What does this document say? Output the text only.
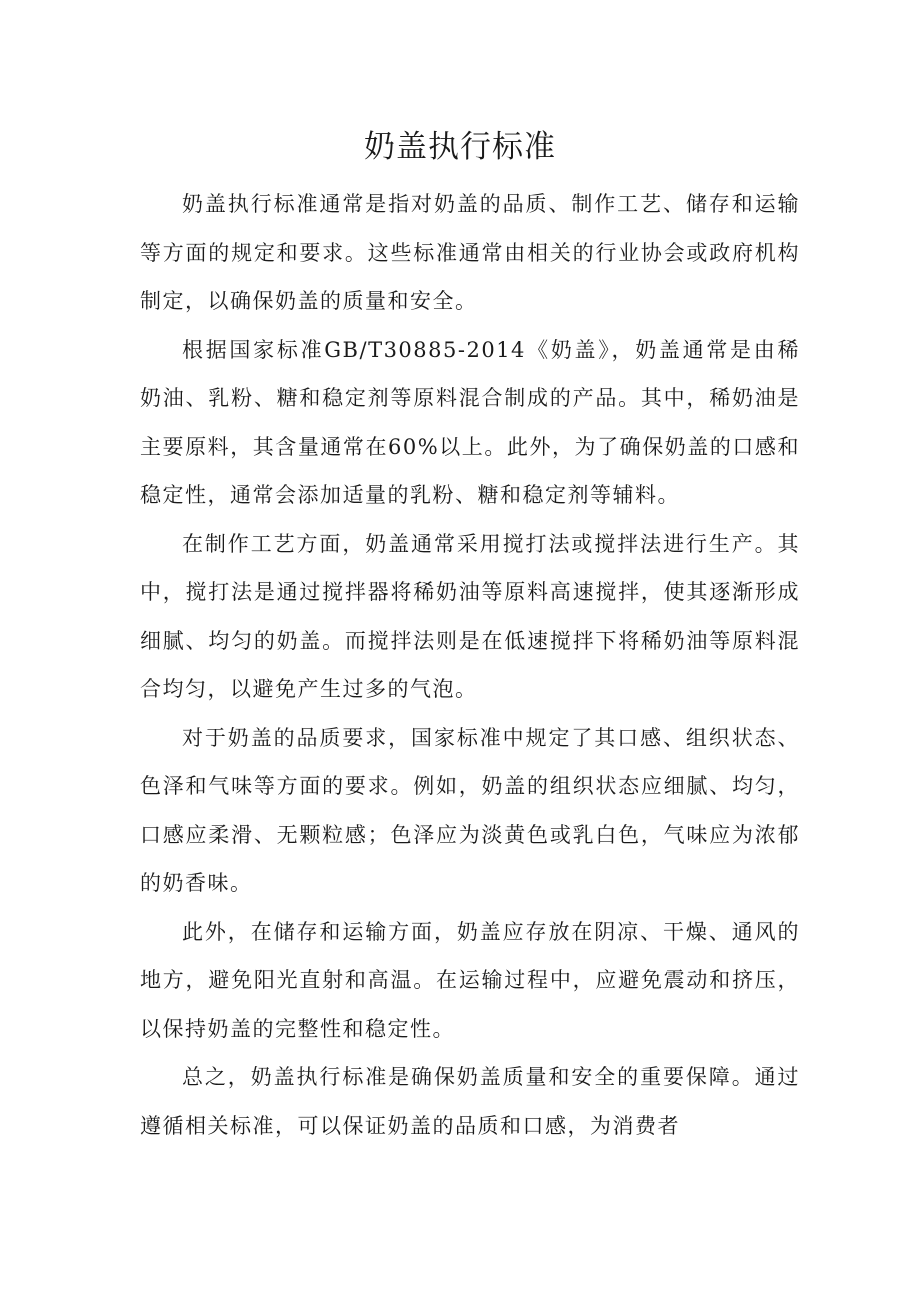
奶盖执行标准

奶盖执行标准通常是指对奶盖的品质、制作工艺、储存和运输等方面的规定和要求。这些标准通常由相关的行业协会或政府机构制定，以确保奶盖的质量和安全。

根据国家标准GB/T30885-2014《奶盖》，奶盖通常是由稀奶油、乳粉、糖和稳定剂等原料混合制成的产品。其中，稀奶油是主要原料，其含量通常在60%以上。此外，为了确保奶盖的口感和稳定性，通常会添加适量的乳粉、糖和稳定剂等辅料。

在制作工艺方面，奶盖通常采用搅打法或搅拌法进行生产。其中，搅打法是通过搅拌器将稀奶油等原料高速搅拌，使其逐渐形成细腻、均匀的奶盖。而搅拌法则是在低速搅拌下将稀奶油等原料混合均匀，以避免产生过多的气泡。

对于奶盖的品质要求，国家标准中规定了其口感、组织状态、色泽和气味等方面的要求。例如，奶盖的组织状态应细腻、均匀，口感应柔滑、无颗粒感；色泽应为淡黄色或乳白色，气味应为浓郁的奶香味。

此外，在储存和运输方面，奶盖应存放在阴凉、干燥、通风的地方，避免阳光直射和高温。在运输过程中，应避免震动和挤压，以保持奶盖的完整性和稳定性。

总之，奶盖执行标准是确保奶盖质量和安全的重要保障。通过遵循相关标准，可以保证奶盖的品质和口感，为消费者
